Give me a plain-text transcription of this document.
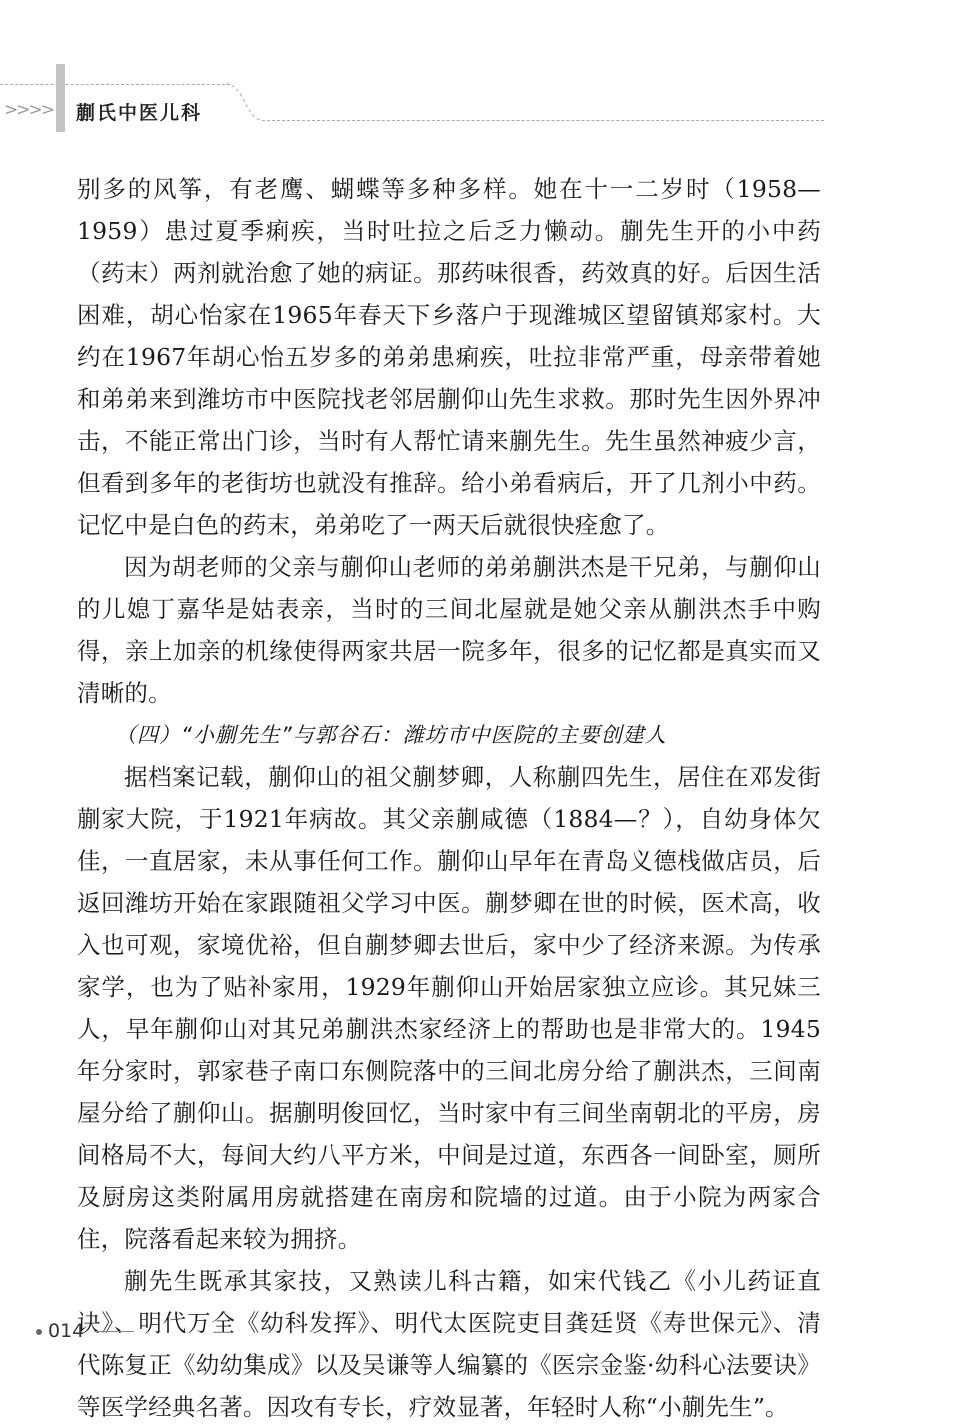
>>>> 蒯氏中医儿科

别多的风筝，有老鹰、蝴蝶等多种多样。她在十一二岁时（1958—1959）患过夏季痢疾，当时吐拉之后乏力懒动。蒯先生开的小中药（药末）两剂就治愈了她的病证。那药味很香，药效真的好。后因生活困难，胡心怡家在1965年春天下乡落户于现潍城区望留镇郑家村。大约在1967年胡心怡五岁多的弟弟患痢疾，吐拉非常严重，母亲带着她和弟弟来到潍坊市中医院找老邻居蒯仰山先生求救。那时先生因外界冲击，不能正常出门诊，当时有人帮忙请来蒯先生。先生虽然神疲少言，但看到多年的老街坊也就没有推辞。给小弟看病后，开了几剂小中药。记忆中是白色的药末，弟弟吃了一两天后就很快痊愈了。

因为胡老师的父亲与蒯仰山老师的弟弟蒯洪杰是干兄弟，与蒯仰山的儿媳丁嘉华是姑表亲，当时的三间北屋就是她父亲从蒯洪杰手中购得，亲上加亲的机缘使得两家共居一院多年，很多的记忆都是真实而又清晰的。

（四）“小蒯先生”与郭谷石：潍坊市中医院的主要创建人

据档案记载，蒯仰山的祖父蒯梦卿，人称蒯四先生，居住在邓发街蒯家大院，于1921年病故。其父亲蒯咸德（1884—？），自幼身体欠佳，一直居家，未从事任何工作。蒯仰山早年在青岛义德栈做店员，后返回潍坊开始在家跟随祖父学习中医。蒯梦卿在世的时候，医术高，收入也可观，家境优裕，但自蒯梦卿去世后，家中少了经济来源。为传承家学，也为了贴补家用，1929年蒯仰山开始居家独立应诊。其兄妹三人，早年蒯仰山对其兄弟蒯洪杰家经济上的帮助也是非常大的。1945年分家时，郭家巷子南口东侧院落中的三间北房分给了蒯洪杰，三间南屋分给了蒯仰山。据蒯明俊回忆，当时家中有三间坐南朝北的平房，房间格局不大，每间大约八平方米，中间是过道，东西各一间卧室，厕所及厨房这类附属用房就搭建在南房和院墙的过道。由于小院为两家合住，院落看起来较为拥挤。

蒯先生既承其家技，又熟读儿科古籍，如宋代钱乙《小儿药证直诀》、明代万全《幼科发挥》、明代太医院吏目龚廷贤《寿世保元》、清代陈复正《幼幼集成》以及吴谦等人编纂的《医宗金鉴·幼科心法要诀》等医学经典名著。因攻有专长，疗效显著，年轻时人称“小蒯先生”。

014
